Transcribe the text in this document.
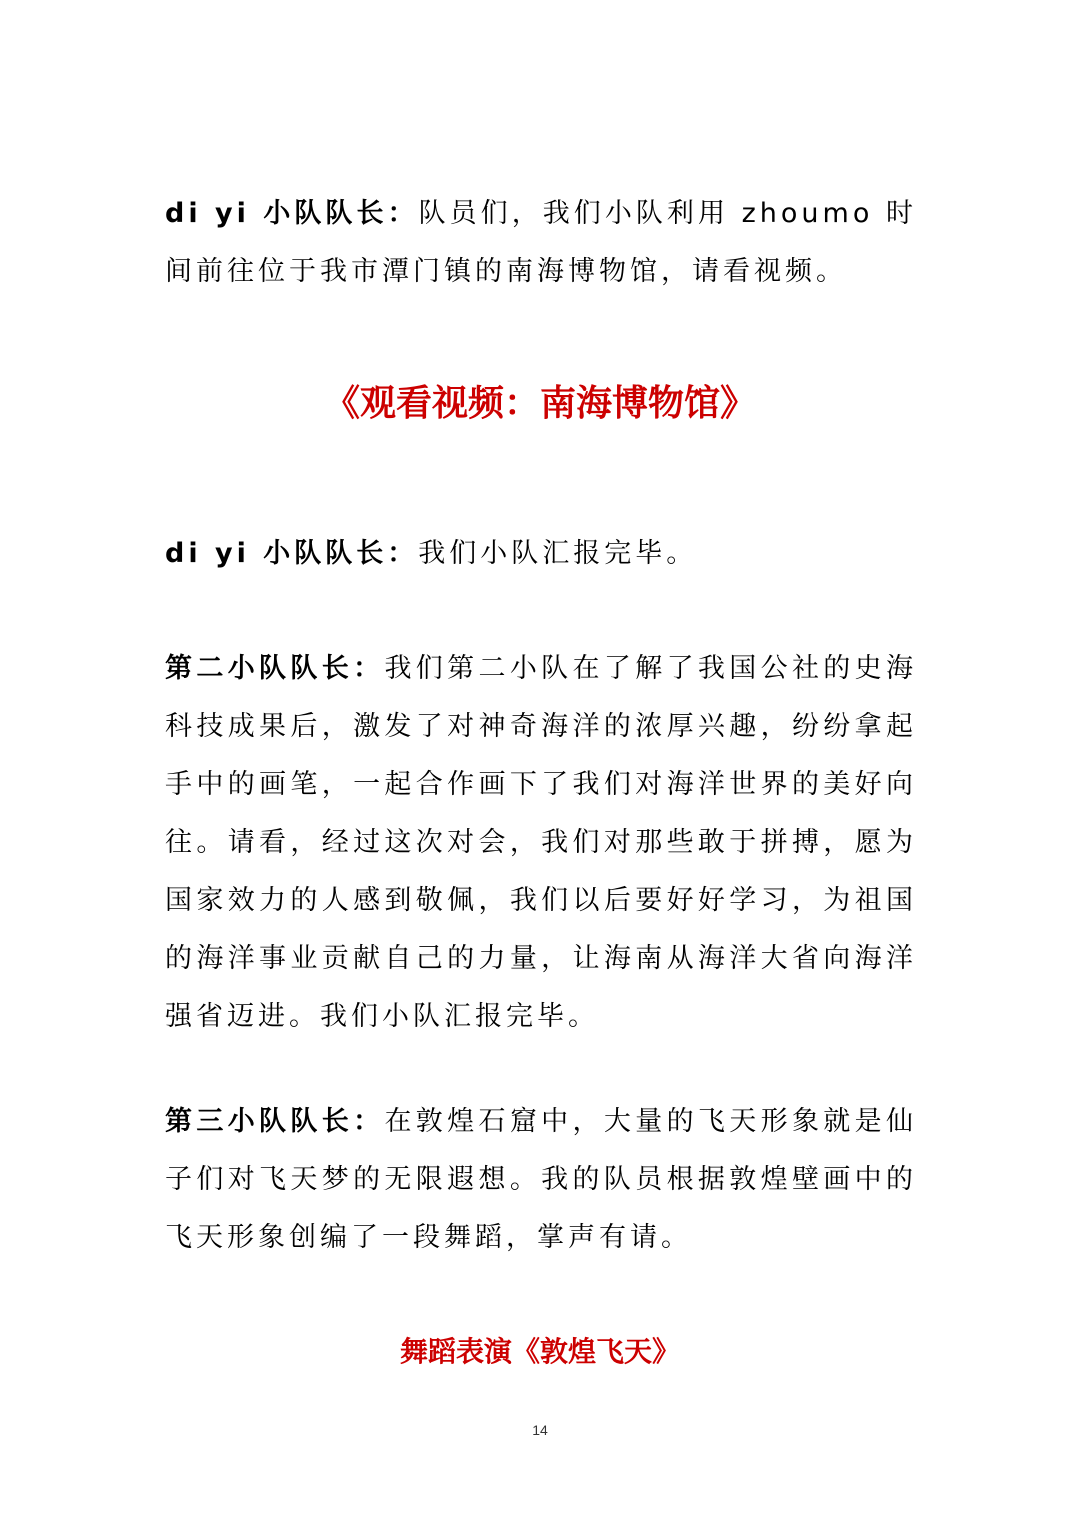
di yi 小队队长：队员们，我们小队利用 zhoumo 时间前往位于我市潭门镇的南海博物馆，请看视频。

《观看视频：南海博物馆》

di yi 小队队长：我们小队汇报完毕。

第二小队队长：我们第二小队在了解了我国公社的史海科技成果后，激发了对神奇海洋的浓厚兴趣，纷纷拿起手中的画笔，一起合作画下了我们对海洋世界的美好向往。请看，经过这次对会，我们对那些敢于拼搏，愿为国家效力的人感到敬佩，我们以后要好好学习，为祖国的海洋事业贡献自己的力量，让海南从海洋大省向海洋强省迈进。我们小队汇报完毕。

第三小队队长：在敦煌石窟中，大量的飞天形象就是仙子们对飞天梦的无限遐想。我的队员根据敦煌壁画中的飞天形象创编了一段舞蹈，掌声有请。

舞蹈表演《敦煌飞天》
14
